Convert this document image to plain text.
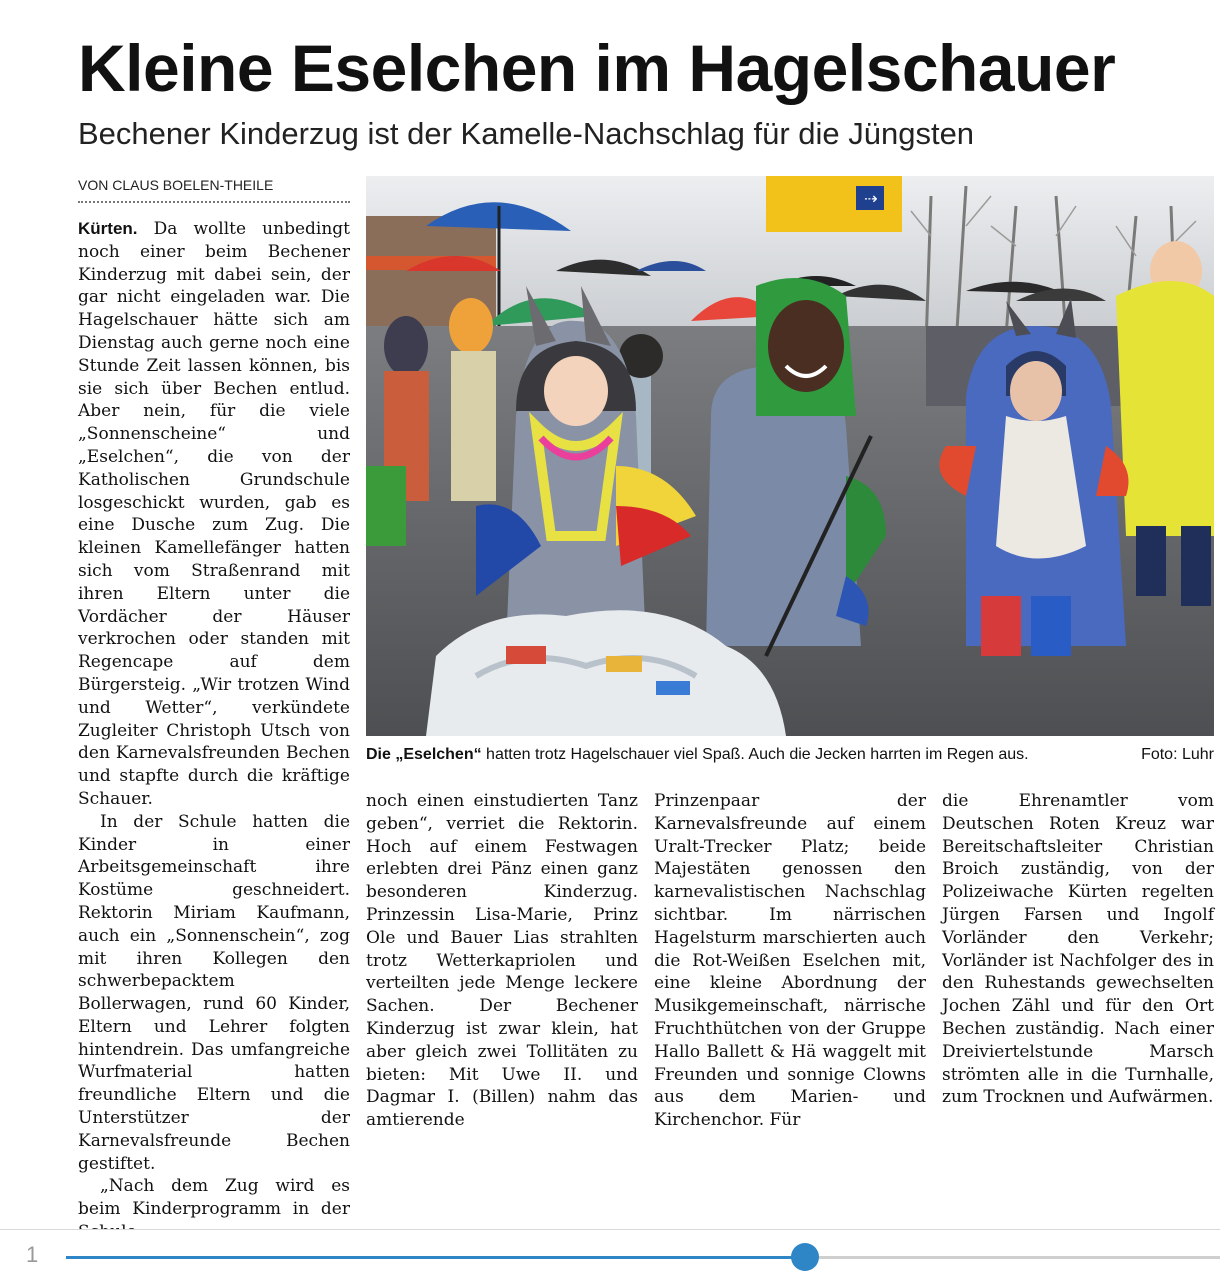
Kleine Eselchen im Hagelschauer
Bechener Kinderzug ist der Kamelle-Nachschlag für die Jüngsten
VON CLAUS BOELEN-THEILE

Kürten. Da wollte unbedingt noch einer beim Bechener Kinderzug mit dabei sein, der gar nicht eingeladen war. Die Hagelschauer hätte sich am Dienstag auch gerne noch eine Stunde Zeit lassen können, bis sie sich über Bechen entlud. Aber nein, für die viele „Sonnenscheine“ und „Eselchen“, die von der Katholischen Grundschule losgeschickt wurden, gab es eine Dusche zum Zug. Die kleinen Kamellefänger hatten sich vom Straßenrand mit ihren Eltern unter die Vordächer der Häuser verkrochen oder standen mit Regencape auf dem Bürgersteig. „Wir trotzen Wind und Wetter“, verkündete Zugleiter Christoph Utsch von den Karnevalsfreunden Bechen und stapfte durch die kräftige Schauer.

In der Schule hatten die Kinder in einer Arbeitsgemeinschaft ihre Kostüme geschneidert. Rektorin Miriam Kaufmann, auch ein „Sonnenschein“, zog mit ihren Kollegen den schwerbepacktem Bollerwagen, rund 60 Kinder, Eltern und Lehrer folgten hintendrein. Das umfangreiche Wurfmaterial hatten freundliche Eltern und die Unterstützer der Karnevalsfreunde Bechen gestiftet.

„Nach dem Zug wird es beim Kinderprogramm in der

⇢
Die „Eselchen“ hatten trotz Hagelschauer viel Spaß. Auch die Jecken harrten im Regen aus.	Foto: Luhr

noch einen einstudierten Tanz geben“, verriet die Rektorin. Hoch auf einem Festwagen erlebten drei Pänz einen ganz besonderen Kinderzug. Prinzessin Lisa-Marie, Prinz Ole und Bauer Lias strahlten trotz Wetterkapriolen und verteilten jede Menge leckere Sachen. Der Bechener Kinderzug ist zwar klein, hat aber gleich zwei Tollitäten zu bieten: Mit Uwe II. und Dagmar I. (Billen) nahm das amtierende

Prinzenpaar der Karnevalsfreunde auf einem Uralt-Trecker Platz; beide Majestäten genossen den karnevalistischen Nachschlag sichtbar. Im närrischen Hagelsturm marschierten auch die Rot-Weißen Eselchen mit, eine kleine Abordnung der Musikgemeinschaft, närrische Fruchthütchen von der Gruppe Hallo Ballett & Hä waggelt mit Freunden und sonnige Clowns aus dem Marien- und Kirchenchor. Für

die Ehrenamtler vom Deutschen Roten Kreuz war Bereitschaftsleiter Christian Broich zuständig, von der Polizeiwache Kürten regelten Jürgen Farsen und Ingolf Vorländer den Verkehr; Vorländer ist Nachfolger des in den Ruhestands gewechselten Jochen Zähl und für den Ort Bechen zuständig. Nach einer Dreiviertelstunde Marsch strömten alle in die Turnhalle, zum Trocknen und Aufwärmen.

1
